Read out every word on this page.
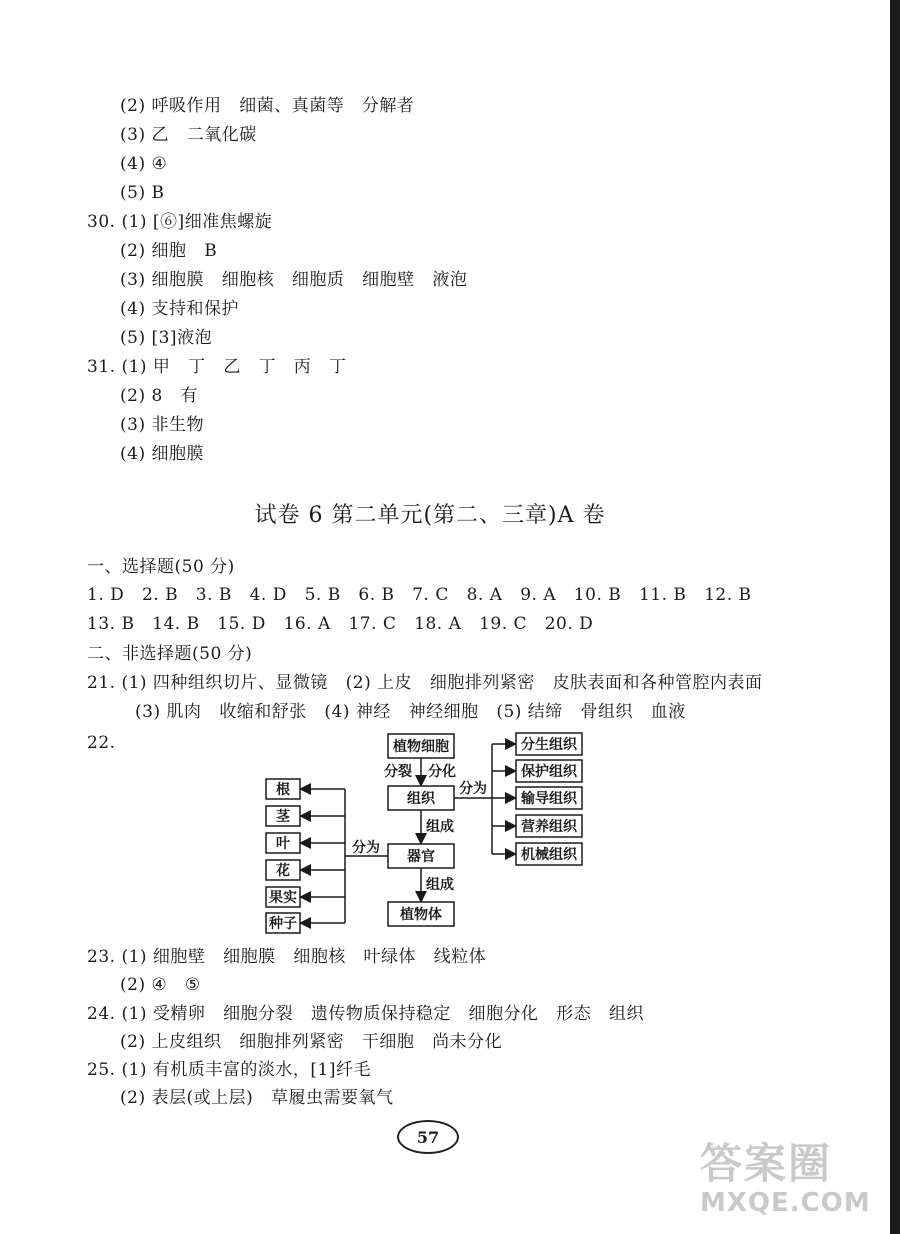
(2) 呼吸作用   细菌、真菌等   分解者
(3) 乙   二氧化碳
(4) ④
(5) B
30. (1) [⑥]细准焦螺旋
(2) 细胞   B
(3) 细胞膜   细胞核   细胞质   细胞壁   液泡
(4) 支持和保护
(5) [3]液泡
31. (1) 甲   丁   乙   丁   丙   丁
(2) 8   有
(3) 非生物
(4) 细胞膜
试卷 6 第二单元(第二、三章)A 卷
一、选择题(50 分)
1. D   2. B   3. B   4. D   5. B   6. B   7. C   8. A   9. A   10. B   11. B   12. B
13. B   14. B   15. D   16. A   17. C   18. A   19. C   20. D
二、非选择题(50 分)
21. (1) 四种组织切片、显微镜   (2) 上皮   细胞排列紧密   皮肤表面和各种管腔内表面
(3) 肌肉   收缩和舒张   (4) 神经   神经细胞   (5) 结缔   骨组织   血液
22.	植物细胞
分裂 分化
组织
分为
组成
器官
组成
植物体
分为
根
茎
叶
花
果实
种子
分生组织
保护组织
输导组织
营养组织
机械组织
23. (1) 细胞壁   细胞膜   细胞核   叶绿体   线粒体
(2) ④   ⑤
24. (1) 受精卵   细胞分裂   遗传物质保持稳定   细胞分化   形态   组织
(2) 上皮组织   细胞排列紧密   干细胞   尚未分化
25. (1) 有机质丰富的淡水，[1]纤毛
(2) 表层(或上层)   草履虫需要氧气
57
答案圈
MXQE.COM
